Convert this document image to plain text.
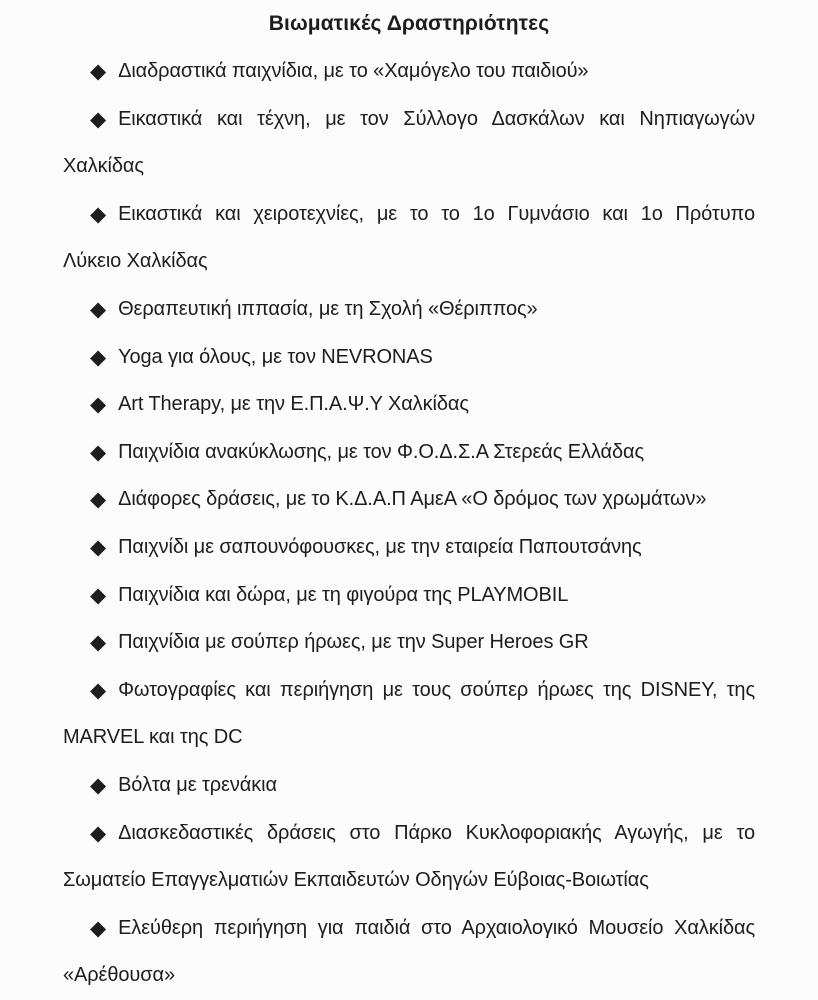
Βιωματικές Δραστηριότητες

◆ Διαδραστικά παιχνίδια, με το «Χαμόγελο του παιδιού»

◆ Εικαστικά και τέχνη, με τον Σύλλογο Δασκάλων και Νηπιαγωγών
Χαλκίδας

◆ Εικαστικά και χειροτεχνίες, με το το 1ο Γυμνάσιο και 1ο Πρότυπο
Λύκειο Χαλκίδας

◆ Θεραπευτική ιππασία, με τη Σχολή «Θέριππος»

◆ Yoga για όλους, με τον NEVRONAS

◆ Art Therapy, με την Ε.Π.Α.Ψ.Υ Χαλκίδας

◆ Παιχνίδια ανακύκλωσης, με τον Φ.Ο.Δ.Σ.Α Στερεάς Ελλάδας

◆ Διάφορες δράσεις, με το Κ.Δ.Α.Π ΑμεΑ «Ο δρόμος των χρωμάτων»

◆ Παιχνίδι με σαπουνόφουσκες, με την εταιρεία Παπουτσάνης

◆ Παιχνίδια και δώρα, με τη φιγούρα της PLAYMOBIL

◆ Παιχνίδια με σούπερ ήρωες, με την Super Heroes GR

◆ Φωτογραφίες και περιήγηση με τους σούπερ ήρωες της DISNEY, της
MARVEL και της DC

◆ Βόλτα με τρενάκια

◆ Διασκεδαστικές δράσεις στο Πάρκο Κυκλοφοριακής Αγωγής, με το
Σωματείο Επαγγελματιών Εκπαιδευτών Οδηγών Εύβοιας-Βοιωτίας

◆ Ελεύθερη περιήγηση για παιδιά στο Αρχαιολογικό Μουσείο Χαλκίδας
«Αρέθουσα»
